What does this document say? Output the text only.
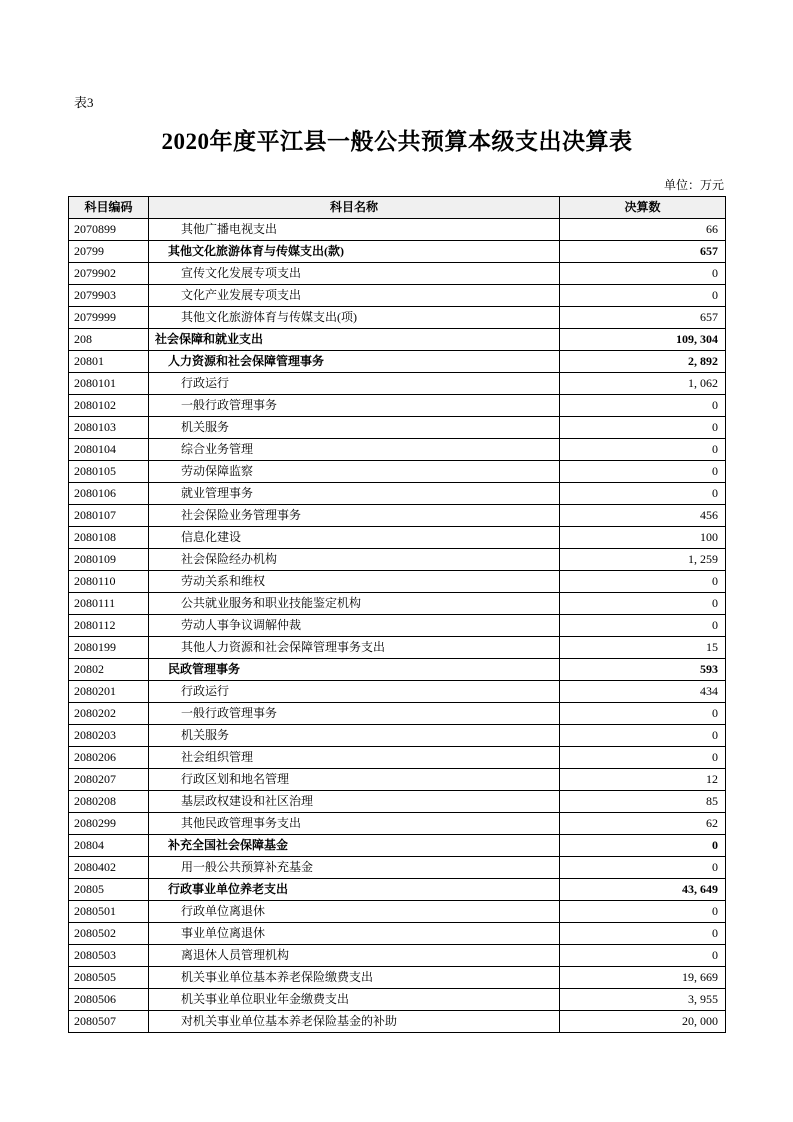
表3
2020年度平江县一般公共预算本级支出决算表
单位：万元
科目编码	科目名称	决算数
2070899	其他广播电视支出	66
20799	其他文化旅游体育与传媒支出(款)	657
2079902	宣传文化发展专项支出	0
2079903	文化产业发展专项支出	0
2079999	其他文化旅游体育与传媒支出(项)	657
208	社会保障和就业支出	109, 304
20801	人力资源和社会保障管理事务	2, 892
2080101	行政运行	1, 062
2080102	一般行政管理事务	0
2080103	机关服务	0
2080104	综合业务管理	0
2080105	劳动保障监察	0
2080106	就业管理事务	0
2080107	社会保险业务管理事务	456
2080108	信息化建设	100
2080109	社会保险经办机构	1, 259
2080110	劳动关系和维权	0
2080111	公共就业服务和职业技能鉴定机构	0
2080112	劳动人事争议调解仲裁	0
2080199	其他人力资源和社会保障管理事务支出	15
20802	民政管理事务	593
2080201	行政运行	434
2080202	一般行政管理事务	0
2080203	机关服务	0
2080206	社会组织管理	0
2080207	行政区划和地名管理	12
2080208	基层政权建设和社区治理	85
2080299	其他民政管理事务支出	62
20804	补充全国社会保障基金	0
2080402	用一般公共预算补充基金	0
20805	行政事业单位养老支出	43, 649
2080501	行政单位离退休	0
2080502	事业单位离退休	0
2080503	离退休人员管理机构	0
2080505	机关事业单位基本养老保险缴费支出	19, 669
2080506	机关事业单位职业年金缴费支出	3, 955
2080507	对机关事业单位基本养老保险基金的补助	20, 000
